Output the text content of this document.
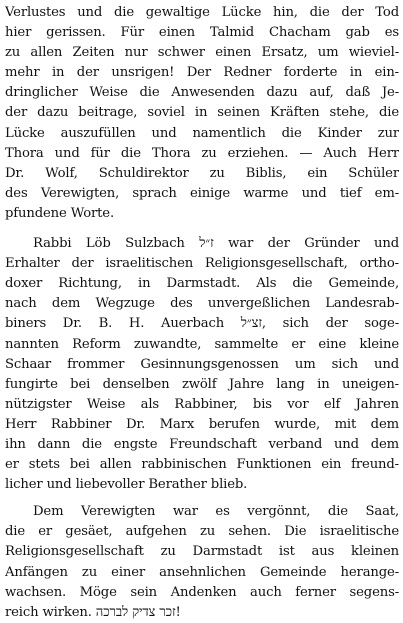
Verlustes und die gewaltige Lücke hin, die der Tod
hier gerissen. Für einen Talmid Chacham gab es
zu allen Zeiten nur schwer einen Ersatz, um wieviel-
mehr in der unsrigen! Der Redner forderte in ein-
dringlicher Weise die Anwesenden dazu auf, daß Je-
der dazu beitrage, soviel in seinen Kräften stehe, die
Lücke auszufüllen und namentlich die Kinder zur
Thora und für die Thora zu erziehen. — Auch Herr
Dr. Wolf, Schuldirektor zu Biblis, ein Schüler
des Verewigten, sprach einige warme und tief em-
pfundene Worte.
Rabbi Löb Sulzbach ז״ל war der Gründer und
Erhalter der israelitischen Religionsgesellschaft, ortho-
doxer Richtung, in Darmstadt. Als die Gemeinde,
nach dem Wegzuge des unvergeßlichen Landesrab-
biners Dr. B. H. Auerbach זצ״ל, sich der soge-
nannten Reform zuwandte, sammelte er eine kleine
Schaar frommer Gesinnungsgenossen um sich und
fungirte bei denselben zwölf Jahre lang in uneigen-
nützigster Weise als Rabbiner, bis vor elf Jahren
Herr Rabbiner Dr. Marx berufen wurde, mit dem
ihn dann die engste Freundschaft verband und dem
er stets bei allen rabbinischen Funktionen ein freund-
licher und liebevoller Berather blieb.
Dem Verewigten war es vergönnt, die Saat,
die er gesäet, aufgehen zu sehen. Die israelitische
Religionsgesellschaft zu Darmstadt ist aus kleinen
Anfängen zu einer ansehnlichen Gemeinde herange-
wachsen. Möge sein Andenken auch ferner segens-
reich wirken. זכר צדיק לברכה!
